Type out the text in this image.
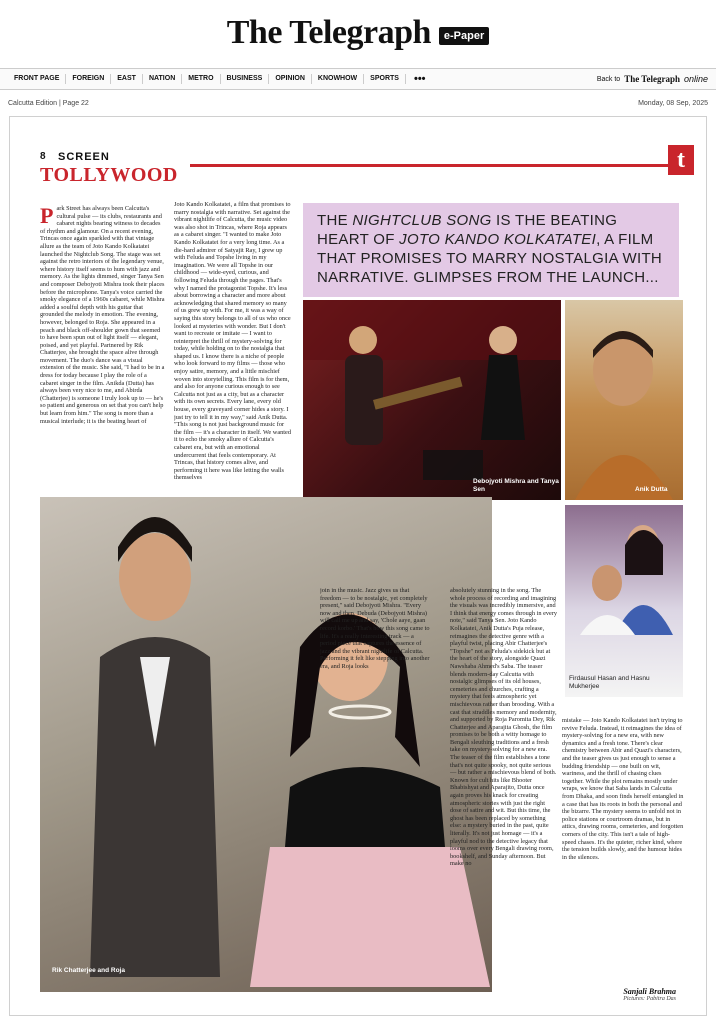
The Telegraph	e-Paper
FRONT PAGE	FOREIGN	EAST	NATION	METRO	BUSINESS	OPINION	KNOWHOW	SPORTS	•••	Back to The Telegraph online
Calcutta Edition | Page 22	Monday, 08 Sep, 2025
8 SCREEN
TOLLYWOOD
t
THE NIGHTCLUB SONG IS THE BEATING HEART OF JOTO KANDO KOLKATATEI, A FILM THAT PROMISES TO MARRY NOSTALGIA WITH NARRATIVE. GLIMPSES FROM THE LAUNCH...
P ark Street has always been Calcutta's cultural pulse — its clubs, restaurants and cabaret nights bearing witness to decades of rhythm and glamour. On a recent evening, Trincas once again sparkled with that vintage allure as the team of Joto Kando Kolkatatei launched the Nightclub Song. The stage was set against the retro interiors of the legendary venue, where history itself seems to hum with jazz and memory. As the lights dimmed, singer Tanya Sen and composer Debojyoti Mishra took their places before the microphone. Tanya's voice carried the smoky elegance of a 1960s cabaret, while Mishra added a soulful depth with his guitar that grounded the melody in emotion. The evening, however, belonged to Roja. She appeared in a peach and black off-shoulder gown that seemed to have been spun out of light itself — elegant, poised, and yet playful. Partnered by Rik Chatterjee, she brought the space alive through movement. The duo's dance was a visual extension of the music. She said, "I had to be in a dress for today because I play the role of a cabaret singer in the film. Anikda (Dutta) has always been very nice to me, and Abirda (Chatterjee) is someone I truly look up to — he's so patient and generous on set that you can't help but learn from him." The song is more than a musical interlude; it is the beating heart of
Joto Kando Kolkatatei, a film that promises to marry nostalgia with narrative. Set against the vibrant nightlife of Calcutta, the music video was also shot in Trincas, where Roja appears as a cabaret singer. "I wanted to make Joto Kando Kolkatatei for a very long time. As a die-hard admirer of Satyajit Ray, I grew up with Feluda and Topshe living in my imagination. We were all Topshe in our childhood — wide-eyed, curious, and following Feluda through the pages. That's why I named the protagonist Topshe. It's less about borrowing a character and more about acknowledging that shared memory so many of us grew up with. For me, it was a way of saying this story belongs to all of us who once looked at mysteries with wonder. But I don't want to recreate or imitate — I want to reinterpret the thrill of mystery-solving for today, while holding on to the nostalgia that shaped us. I know there is a niche of people who look forward to my films — those who enjoy satire, memory, and a little mischief woven into storytelling. This film is for them, and also for anyone curious enough to see Calcutta not just as a city, but as a character with its own secrets. Every lane, every old house, every graveyard corner hides a story. I just try to tell it in my way," said Anik Dutta. "This song is not just background music for the film — it's a character in itself. We wanted it to echo the smoky allure of Calcutta's cabaret era, but with an emotional undercurrent that feels contemporary. At Trincas, that history comes alive, and performing it here was like letting the walls themselves
Debojyoti Mishra and Tanya Sen	Anik Dutta
Firdausul Hasan and Hasnu Mukherjee
Rik Chatterjee and Roja
join in the music. Jazz gives us that freedom — to be nostalgic, yet completely present," said Debojyoti Mishra. "Every now and then, Debuda (Debojyoti Mishra) will call me up and say, 'Chole aaye, gaan record korbo.' That's how this song came to life. It's a really interesting track — a period piece that captures the essence of jazz and the vibrant nightlife of Calcutta. Performing it felt like stepping into another era, and Roja looks
absolutely stunning in the song. The whole process of recording and imagining the visuals was incredibly immersive, and I think that energy comes through in every note," said Tanya Sen. Joto Kando Kolkatatei, Anik Dutta's Puja release, reimagines the detective genre with a playful twist, placing Abir Chatterjee's "Topshe" not as Feluda's sidekick but at the heart of the story, alongside Quazi Nawshaba Ahmed's Saba. The teaser blends modern-day Calcutta with nostalgic glimpses of its old houses, cemeteries and churches, crafting a mystery that feels atmospheric yet mischievous rather than brooding. With a cast that straddles memory and modernity, and supported by Roja Paromita Dey, Rik Chatterjee and Aparajita Ghosh, the film promises to be both a witty homage to Bengali sleuthing traditions and a fresh take on mystery-solving for a new era. The teaser of the film establishes a tone that's not quite spooky, not quite serious — but rather a mischievous blend of both. Known for cult hits like Bhooter Bhabishyat and Aparajito, Dutta once again proves his knack for creating atmospheric stories with just the right dose of satire and wit. But this time, the ghost has been replaced by something else: a mystery buried in the past, quite literally. It's not just homage — it's a playful nod to the detective legacy that looms over every Bengali drawing room, bookshelf, and Sunday afternoon. But make no
mistake — Joto Kando Kolkatatei isn't trying to revive Feluda. Instead, it reimagines the idea of mystery-solving for a new era, with new dynamics and a fresh tone. There's clear chemistry between Abir and Quazi's characters, and the teaser gives us just enough to sense a budding friendship — one built on wit, wariness, and the thrill of chasing clues together. While the plot remains mostly under wraps, we know that Saba lands in Calcutta from Dhaka, and soon finds herself entangled in a case that has its roots in both the personal and the bizarre. The mystery seems to unfold not in police stations or courtroom dramas, but in attics, drawing rooms, cemeteries, and forgotten corners of the city. This isn't a tale of high-speed chases. It's the quieter, richer kind, where the tension builds slowly, and the humour hides in the silences.
Sanjali Brahma
Pictures: Pabitra Das
